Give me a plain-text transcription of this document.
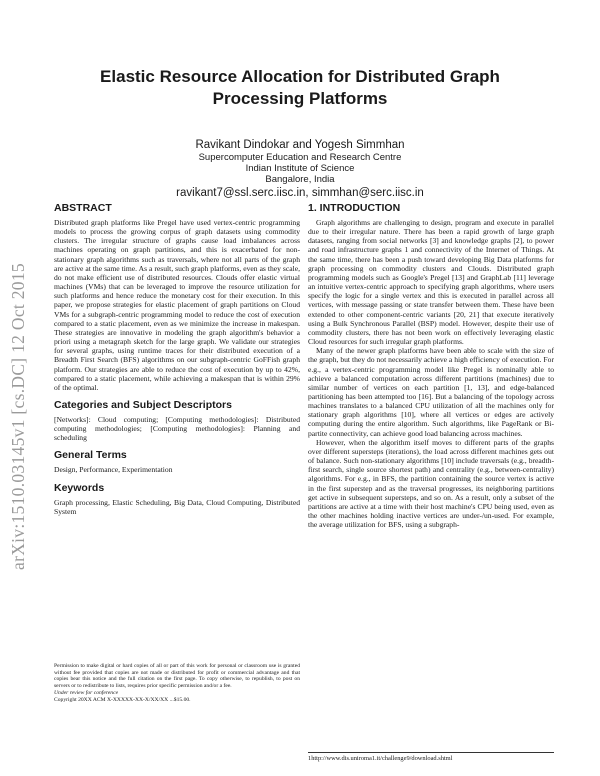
arXiv:1510.03145v1 [cs.DC] 12 Oct 2015
Elastic Resource Allocation for Distributed Graph Processing Platforms
Ravikant Dindokar and Yogesh Simmhan
Supercomputer Education and Research Centre
Indian Institute of Science
Bangalore, India
ravikant7@ssl.serc.iisc.in, simmhan@serc.iisc.in
ABSTRACT

Distributed graph platforms like Pregel have used vertex-centric programming models to process the growing corpus of graph datasets using commodity clusters. The irregular structure of graphs cause load imbalances across machines operating on graph partitions, and this is exacerbated for non-stationary graph algorithms such as traversals, where not all parts of the graph are active at the same time. As a result, such graph platforms, even as they scale, do not make efficient use of distributed resources. Clouds offer elastic virtual machines (VMs) that can be leveraged to improve the resource utilization for such platforms and hence reduce the monetary cost for their execution. In this paper, we propose strategies for elastic placement of graph partitions on Cloud VMs for a subgraph-centric programming model to reduce the cost of execution compared to a static placement, even as we minimize the increase in makespan. These strategies are innovative in modeling the graph algorithm's behavior a priori using a metagraph sketch for the large graph. We validate our strategies for several graphs, using runtime traces for their distributed execution of a Breadth First Search (BFS) algorithms on our subgraph-centric GoFFish graph platform. Our strategies are able to reduce the cost of execution by up to 42%, compared to a static placement, while achieving a makespan that is within 29% of the optimal.

Categories and Subject Descriptors

[Networks]: Cloud computing; [Computing methodologies]: Distributed computing methodologies; [Computing methodologies]: Planning and scheduling

General Terms

Design, Performance, Experimentation

Keywords

Graph processing, Elastic Scheduling, Big Data, Cloud Computing, Distributed System

Permission to make digital or hard copies of all or part of this work for personal or classroom use is granted without fee provided that copies are not made or distributed for profit or commercial advantage and that copies bear this notice and the full citation on the first page. To copy otherwise, to republish, to post on servers or to redistribute to lists, requires prior specific permission and/or a fee.

Under review for conference

Copyright 20XX ACM X-XXXXX-XX-X/XX/XX ...$15.00.

1. INTRODUCTION

Graph algorithms are challenging to design, program and execute in parallel due to their irregular nature. There has been a rapid growth of large graph datasets, ranging from social networks [3] and knowledge graphs [2], to power and road infrastructure graphs 1 and connectivity of the Internet of Things. At the same time, there has been a push toward developing Big Data platforms for graph processing on commodity clusters and Clouds. Distributed graph programming models such as Google's Pregel [13] and GraphLab [11] leverage an intuitive vertex-centric approach to specifying graph algorithms, where users specify the logic for a single vertex and this is executed in parallel across all vertices, with message passing or state transfer between them. These have been extended to other component-centric variants [20, 21] that execute iteratively using a Bulk Synchronous Parallel (BSP) model. However, despite their use of commodity clusters, there has not been work on effectively leveraging elastic Cloud resources for such irregular graph platforms.

Many of the newer graph platforms have been able to scale with the size of the graph, but they do not necessarily achieve a high efficiency of execution. For e.g., a vertex-centric programming model like Pregel is nominally able to achieve a balanced computation across different partitions (machines) due to similar number of vertices on each partition [1, 13], and edge-balanced partitioning has been attempted too [16]. But a balancing of the topology across machines translates to a balanced CPU utilization of all the machines only for stationary graph algorithms [10], where all vertices or edges are actively computing during the entire algorithm. Such algorithms, like PageRank or Bi-partite connectivity, can achieve good load balancing across machines.

However, when the algorithm itself moves to different parts of the graphs over different supersteps (iterations), the load across different machines gets out of balance. Such non-stationary algorithms [10] include traversals (e.g., breadth-first search, single source shortest path) and centrality (e.g., between-centrality) algorithms. For e.g., in BFS, the partition containing the source vertex is active in the first superstep and as the traversal progresses, its neighboring partitions get active in subsequent supersteps, and so on. As a result, only a subset of the partitions are active at a time with their host machine's CPU being used, even as the other machines holding inactive vertices are under-/un-used. For example, the average utilization for BFS, using a subgraph-

1http://www.dis.uniroma1.it/challenge9/download.shtml
